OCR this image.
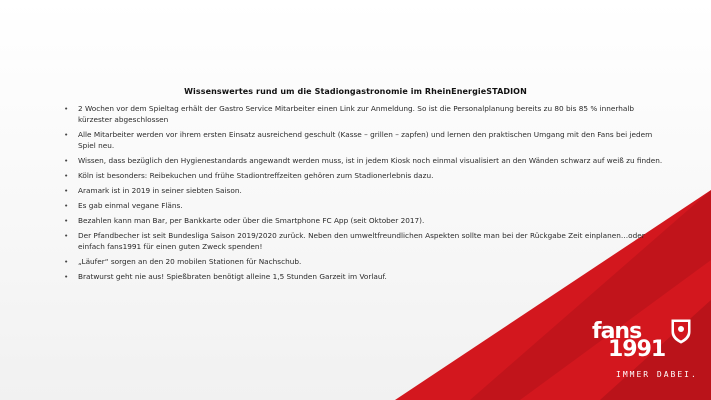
Wissenswertes rund um die Stadiongastronomie im RheinEnergieSTADION
• 2 Wochen vor dem Spieltag erhält der Gastro Service Mitarbeiter einen Link zur Anmeldung. So ist die Personalplanung bereits zu 80 bis 85 % innerhalb kürzester abgeschlossen
• Alle Mitarbeiter werden vor ihrem ersten Einsatz ausreichend geschult (Kasse – grillen – zapfen) und lernen den praktischen Umgang mit den Fans bei jedem Spiel neu.
• Wissen, dass bezüglich den Hygienestandards angewandt werden muss, ist in jedem Kiosk noch einmal visualisiert an den Wänden schwarz auf weiß zu finden.
• Köln ist besonders: Reibekuchen und frühe Stadiontreffzeiten gehören zum Stadionerlebnis dazu.
• Aramark ist in 2019 in seiner siebten Saison.
• Es gab einmal vegane Fläns.
• Bezahlen kann man Bar, per Bankkarte oder über die Smartphone FC App (seit Oktober 2017).
• Der Pfandbecher ist seit Bundesliga Saison 2019/2020 zurück. Neben den umweltfreundlichen Aspekten sollte man bei der Rückgabe Zeit einplanen…oder einfach fans1991 für einen guten Zweck spenden!
• „Läufer“ sorgen an den 20 mobilen Stationen für Nachschub.
• Bratwurst geht nie aus! Spießbraten benötigt alleine 1,5 Stunden Garzeit im Vorlauf.
fans
1991
IMMER DABEI.
